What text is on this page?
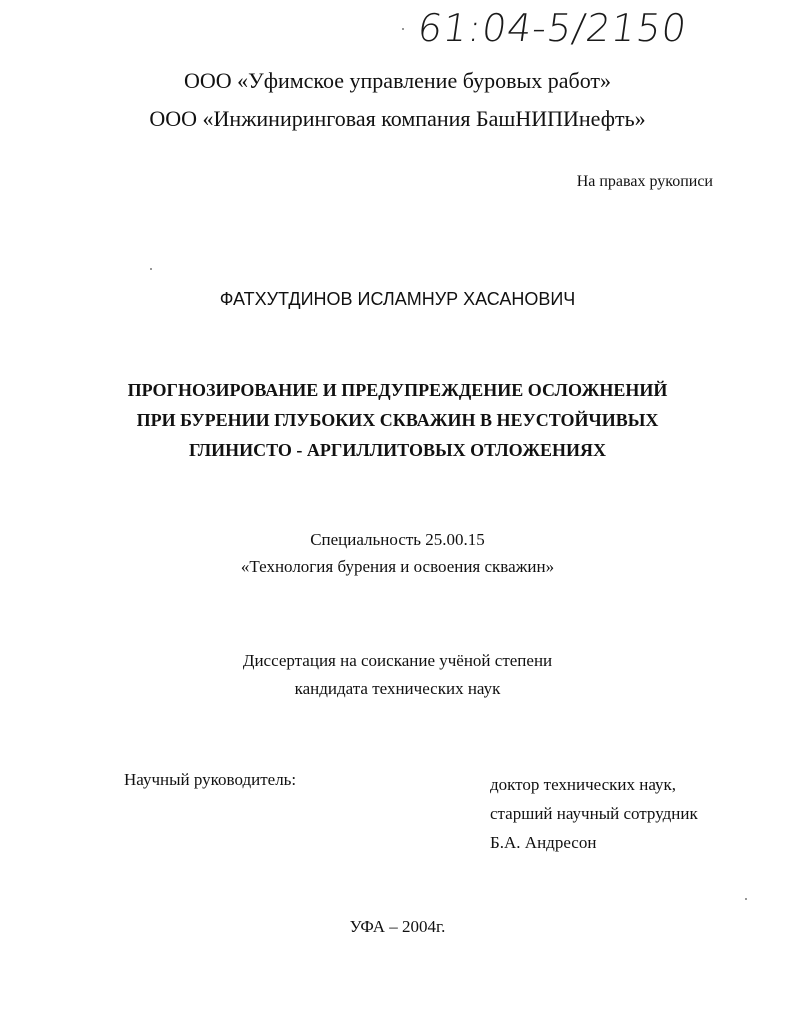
61:04-5/2150
ООО «Уфимское управление буровых работ»
ООО «Инжиниринговая компания БашНИПИнефть»
На правах рукописи
ФАТХУТДИНОВ ИСЛАМНУР ХАСАНОВИЧ
ПРОГНОЗИРОВАНИЕ И ПРЕДУПРЕЖДЕНИЕ ОСЛОЖНЕНИЙ
ПРИ БУРЕНИИ ГЛУБОКИХ СКВАЖИН В НЕУСТОЙЧИВЫХ
ГЛИНИСТО - АРГИЛЛИТОВЫХ ОТЛОЖЕНИЯХ
Специальность 25.00.15
«Технология бурения и освоения скважин»
Диссертация на соискание учёной степени
кандидата технических наук
Научный руководитель:	доктор технических наук,
старший научный сотрудник
Б.А. Андресон
УФА – 2004г.
